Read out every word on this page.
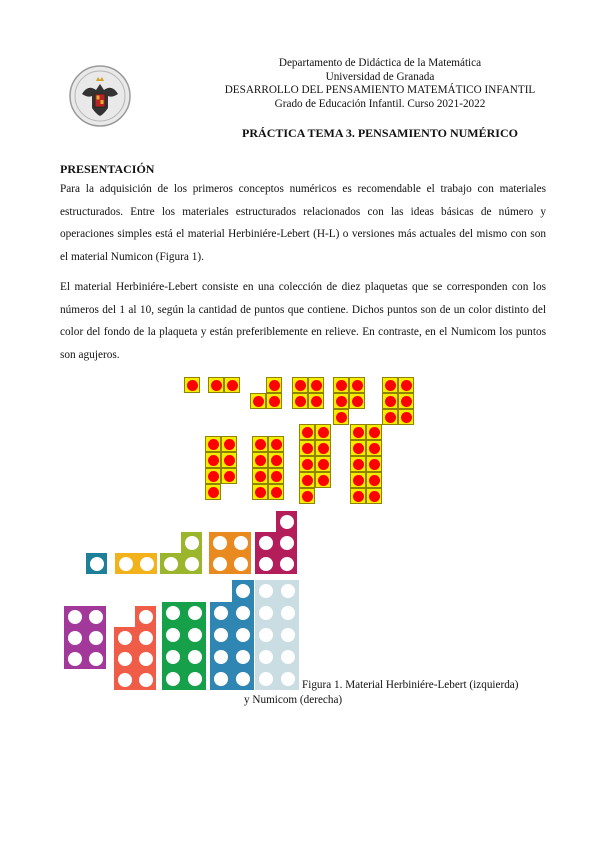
Departamento de Didáctica de la Matemática
Universidad de Granada
DESARROLLO DEL PENSAMIENTO MATEMÁTICO INFANTIL
Grado de Educación Infantil. Curso 2021-2022
PRÁCTICA TEMA 3. PENSAMIENTO NUMÉRICO
PRESENTACIÓN
Para la adquisición de los primeros conceptos numéricos es recomendable el trabajo con materiales estructurados. Entre los materiales estructurados relacionados con las ideas básicas de número y operaciones simples está el material Herbiniére-Lebert (H-L) o versiones más actuales del mismo con son el material Numicon (Figura 1).
El material Herbiniére-Lebert consiste en una colección de diez plaquetas que se corresponden con los números del 1 al 10, según la cantidad de puntos que contiene. Dichos puntos son de un color distinto del color del fondo de la plaqueta y están preferiblemente en relieve. En contraste, en el Numicom los puntos son agujeros.
Figura 1. Material Herbiniére-Lebert (izquierda)
y Numicom (derecha)
